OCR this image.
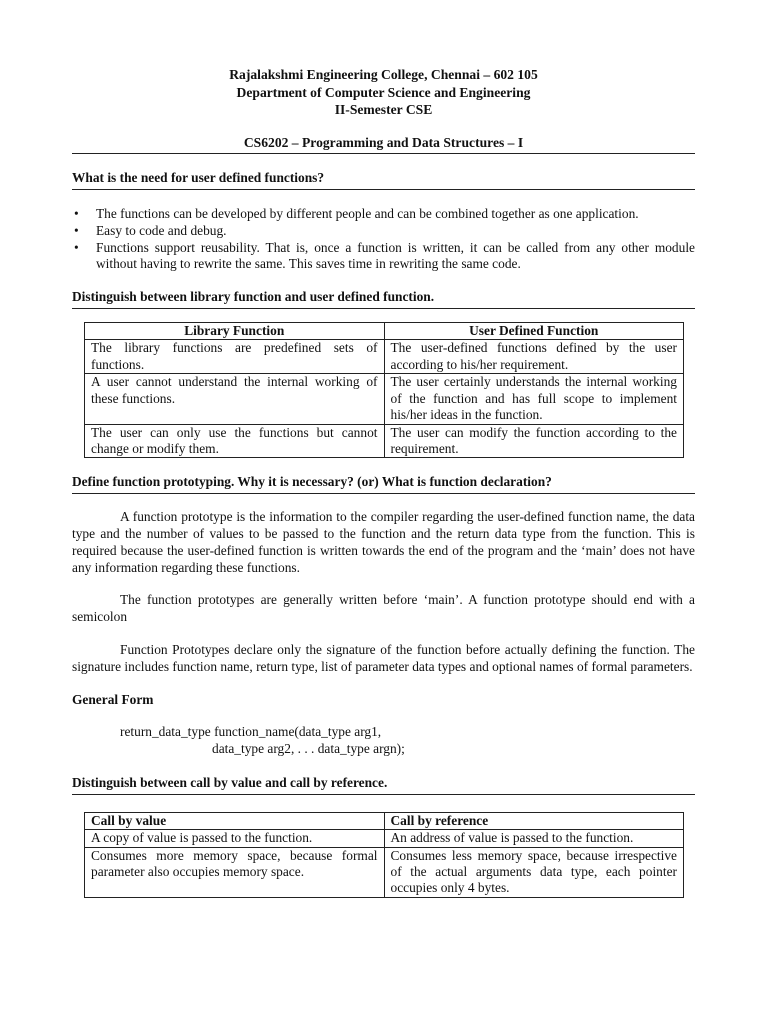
Rajalakshmi Engineering College, Chennai – 602 105
Department of Computer Science and Engineering
II-Semester CSE
CS6202 – Programming and Data Structures – I
What is the need for user defined functions?
• The functions can be developed by different people and can be combined together as one application.
• Easy to code and debug.
• Functions support reusability. That is, once a function is written, it can be called from any other module without having to rewrite the same. This saves time in rewriting the same code.
Distinguish between library function and user defined function.
Library Function	User Defined Function
The library functions are predefined sets of functions.	The user-defined functions defined by the user according to his/her requirement.
A user cannot understand the internal working of these functions.	The user certainly understands the internal working of the function and has full scope to implement his/her ideas in the function.
The user can only use the functions but cannot change or modify them.	The user can modify the function according to the requirement.
Define function prototyping. Why it is necessary? (or) What is function declaration?

A function prototype is the information to the compiler regarding the user-defined function name, the data type and the number of values to be passed to the function and the return data type from the function. This is required because the user-defined function is written towards the end of the program and the ‘main’ does not have any information regarding these functions.

The function prototypes are generally written before ‘main’. A function prototype should end with a semicolon

Function Prototypes declare only the signature of the function before actually defining the function. The signature includes function name, return type, list of parameter data types and optional names of formal parameters.

General Form
return_data_type function_name(data_type arg1,
data_type arg2, . . . data_type argn);
Distinguish between call by value and call by reference.
Call by value	Call by reference
A copy of value is passed to the function.	An address of value is passed to the function.
Consumes more memory space, because formal parameter also occupies memory space.	Consumes less memory space, because irrespective of the actual arguments data type, each pointer occupies only 4 bytes.
